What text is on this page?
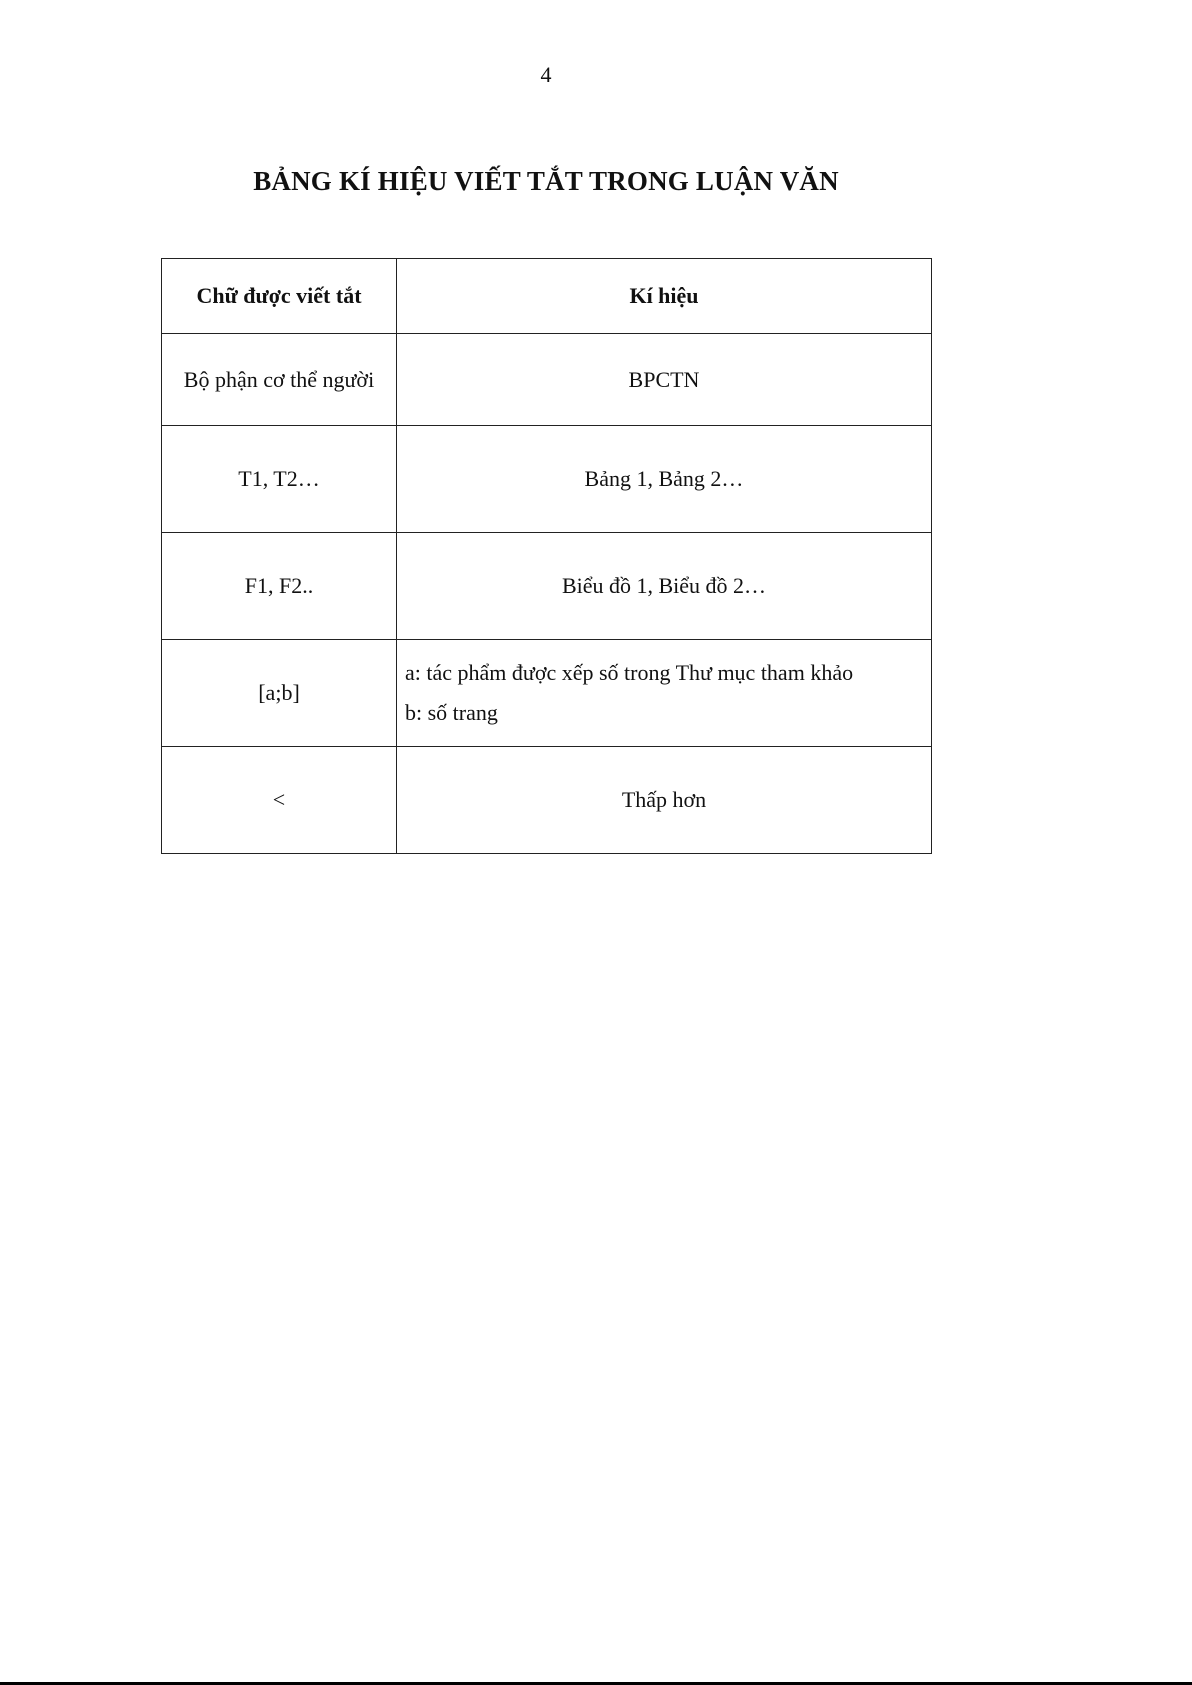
4
BẢNG KÍ HIỆU VIẾT TẮT TRONG LUẬN VĂN
Chữ được viết tắt	Kí hiệu
Bộ phận cơ thể người	BPCTN
T1, T2…	Bảng 1, Bảng 2…
F1, F2..	Biểu đồ 1, Biểu đồ 2…
[a;b]	a: tác phẩm được xếp số trong Thư mục tham khảo
b: số trang

<	Thấp hơn
